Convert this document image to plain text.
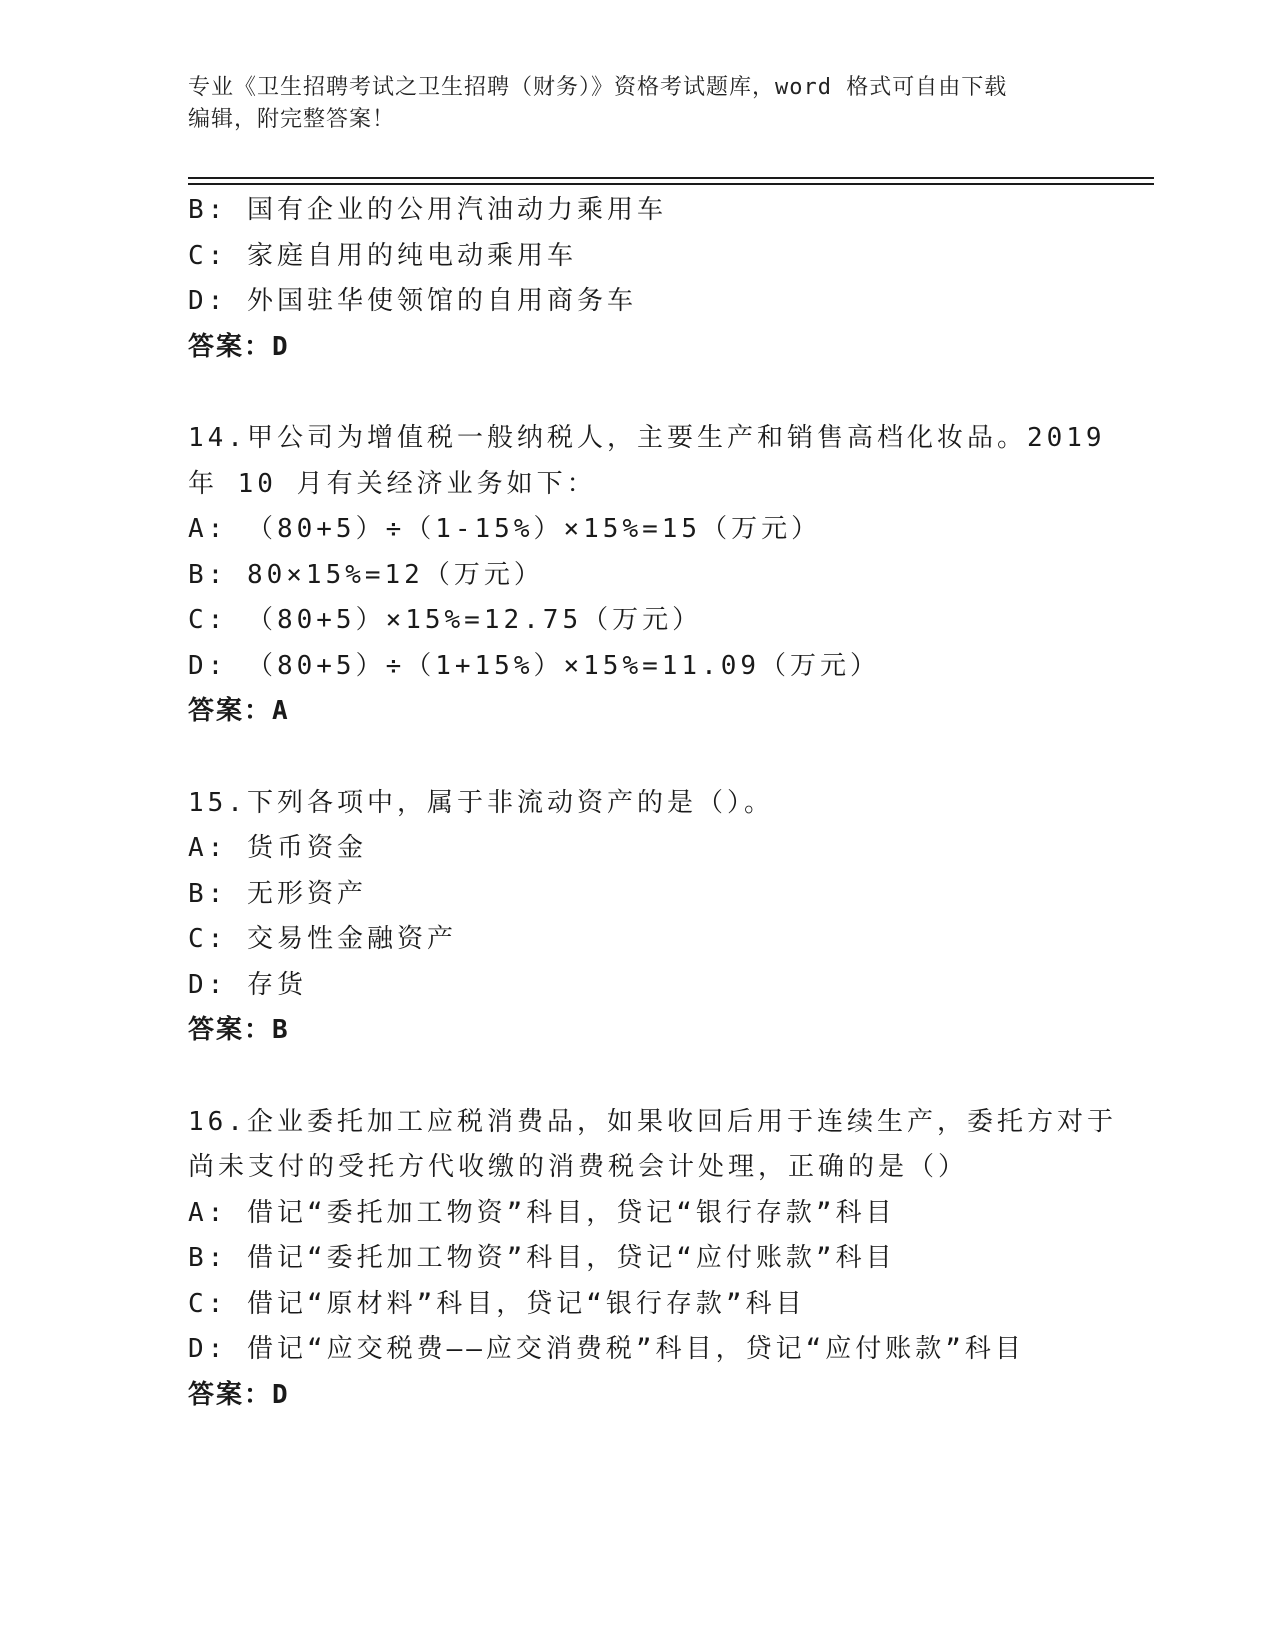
专业《卫生招聘考试之卫生招聘（财务）》资格考试题库，word 格式可自由下载
编辑，附完整答案！
B: 国有企业的公用汽油动力乘用车
C: 家庭自用的纯电动乘用车
D: 外国驻华使领馆的自用商务车
答案：D
14.甲公司为增值税一般纳税人，主要生产和销售高档化妆品。2019
年 10 月有关经济业务如下：
A: （80+5）÷（1-15%）×15%=15（万元）
B: 80×15%=12（万元）
C: （80+5）×15%=12.75（万元）
D: （80+5）÷（1+15%）×15%=11.09（万元）
答案：A
15.下列各项中，属于非流动资产的是（）。
A: 货币资金
B: 无形资产
C: 交易性金融资产
D: 存货
答案：B
16.企业委托加工应税消费品，如果收回后用于连续生产，委托方对于
尚未支付的受托方代收缴的消费税会计处理，正确的是（）
A: 借记“委托加工物资”科目，贷记“银行存款”科目
B: 借记“委托加工物资”科目，贷记“应付账款”科目
C: 借记“原材料”科目，贷记“银行存款”科目
D: 借记“应交税费——应交消费税”科目，贷记“应付账款”科目
答案：D
